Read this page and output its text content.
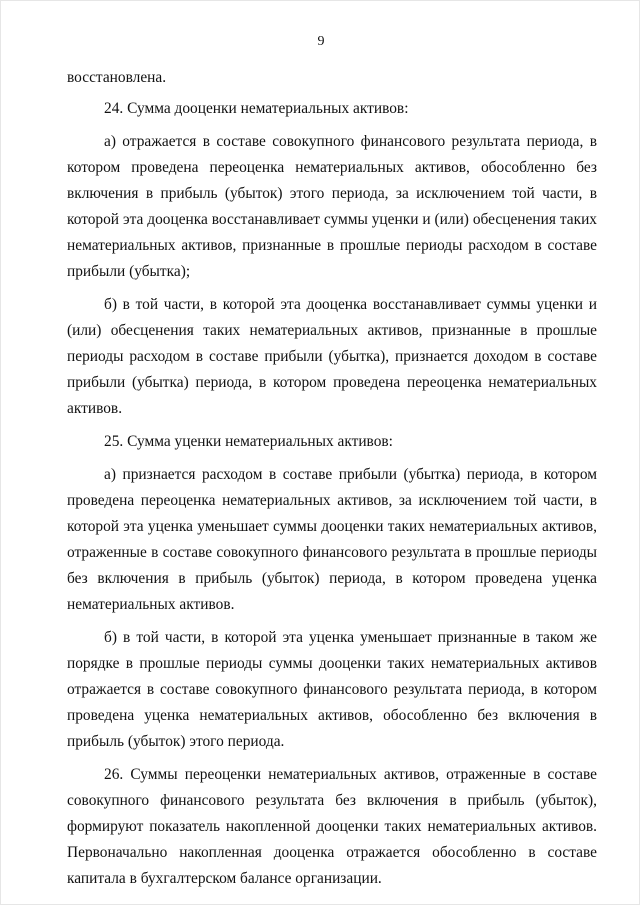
9

восстановлена.

24. Сумма дооценки нематериальных активов:

а) отражается в составе совокупного финансового результата периода, в котором проведена переоценка нематериальных активов, обособленно без включения в прибыль (убыток) этого периода, за исключением той части, в которой эта дооценка восстанавливает суммы уценки и (или) обесценения таких нематериальных активов, признанные в прошлые периоды расходом в составе прибыли (убытка);

б) в той части, в которой эта дооценка восстанавливает суммы уценки и (или) обесценения таких нематериальных активов, признанные в прошлые периоды расходом в составе прибыли (убытка), признается доходом в составе прибыли (убытка) периода, в котором проведена переоценка нематериальных активов.

25. Сумма уценки нематериальных активов:

а) признается расходом в составе прибыли (убытка) периода, в котором проведена переоценка нематериальных активов, за исключением той части, в которой эта уценка уменьшает суммы дооценки таких нематериальных активов, отраженные в составе совокупного финансового результата в прошлые периоды без включения в прибыль (убыток) периода, в котором проведена уценка нематериальных активов.

б) в той части, в которой эта уценка уменьшает признанные в таком же порядке в прошлые периоды суммы дооценки таких нематериальных активов отражается в составе совокупного финансового результата периода, в котором проведена уценка нематериальных активов, обособленно без включения в прибыль (убыток) этого периода.

26. Суммы переоценки нематериальных активов, отраженные в составе совокупного финансового результата без включения в прибыль (убыток), формируют показатель накопленной дооценки таких нематериальных активов. Первоначально накопленная дооценка отражается обособленно в составе капитала в бухгалтерском балансе организации.
